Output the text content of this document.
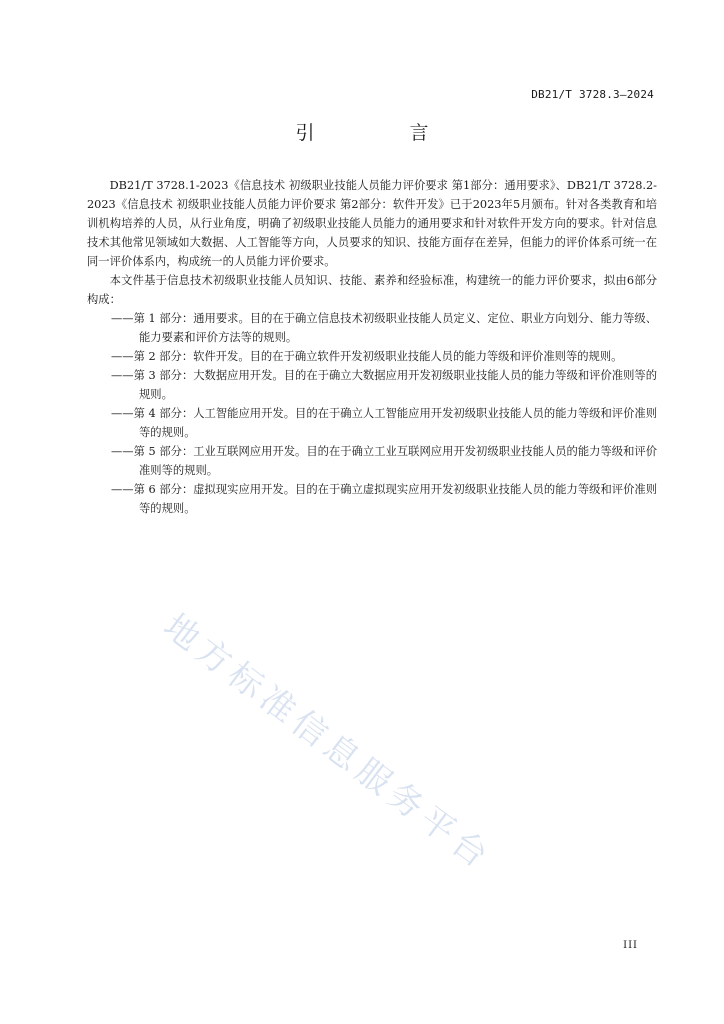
DB21/T 3728.3—2024
引　言

DB21/T 3728.1-2023《信息技术 初级职业技能人员能力评价要求 第1部分：通用要求》、DB21/T 3728.2-2023《信息技术 初级职业技能人员能力评价要求 第2部分：软件开发》已于2023年5月颁布。针对各类教育和培训机构培养的人员，从行业角度，明确了初级职业技能人员能力的通用要求和针对软件开发方向的要求。针对信息技术其他常见领域如大数据、人工智能等方向，人员要求的知识、技能方面存在差异，但能力的评价体系可统一在同一评价体系内，构成统一的人员能力评价要求。

本文件基于信息技术初级职业技能人员知识、技能、素养和经验标准，构建统一的能力评价要求，拟由6部分构成：

——第 1 部分：通用要求。目的在于确立信息技术初级职业技能人员定义、定位、职业方向划分、能力等级、能力要素和评价方法等的规则。
——第 2 部分：软件开发。目的在于确立软件开发初级职业技能人员的能力等级和评价准则等的规则。
——第 3 部分：大数据应用开发。目的在于确立大数据应用开发初级职业技能人员的能力等级和评价准则等的规则。
——第 4 部分：人工智能应用开发。目的在于确立人工智能应用开发初级职业技能人员的能力等级和评价准则等的规则。
——第 5 部分：工业互联网应用开发。目的在于确立工业互联网应用开发初级职业技能人员的能力等级和评价准则等的规则。
——第 6 部分：虚拟现实应用开发。目的在于确立虚拟现实应用开发初级职业技能人员的能力等级和评价准则等的规则。
地方标准信息服务平台
III
